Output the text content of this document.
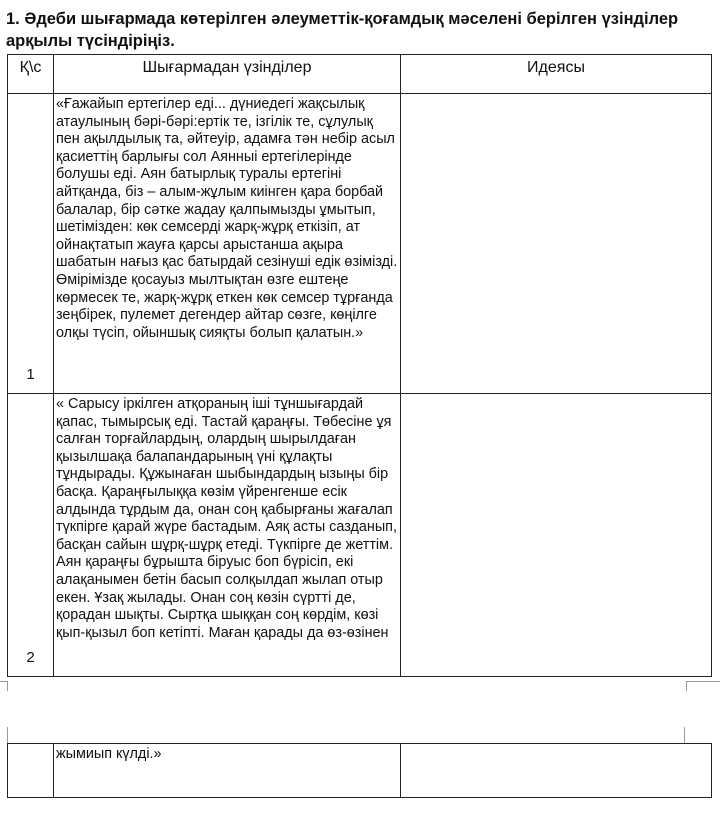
1. Әдеби шығармада көтерілген әлеуметтік-қоғамдық мәселені берілген үзінділер арқылы түсіндіріңіз.
Қ\с	Шығармадан үзінділер	Идеясы
1	«Ғажайып ертегілер еді... дүниедегі жақсылық атаулының бәрі-бәрі:ертік те, ізгілік те, сұлулық пен ақылдылық та, әйтеуір, адамға тән небір асыл қасиеттің барлығы сол Аянныі ертегілерінде болушы еді. Аян батырлық туралы ертегіні айтқанда, біз – алым-жұлым киінген қара борбай балалар, бір сәтке жадау қалпымызды ұмытып, шетімізден: көк семсерді жарқ-жұрқ еткізіп, ат ойнақтатып жауға қарсы арыстанша ақыра шабатын нағыз қас батырдай сезінуші едік өзімізді. Өмірімізде қосауыз мылтықтан өзге ештеңе көрмесек те, жарқ-жұрқ еткен көк семсер тұрғанда зеңбірек, пулемет дегендер айтар сөзге, көңілге олқы түсіп, ойыншық сияқты болып қалатын.»	
2	« Сарысу іркілген атқораның іші тұншығардай қапас, тымырсық еді. Тастай қараңғы. Төбесіне ұя салған торғайлардың, олардың шырылдаған қызылшақа балапандарының үні құлақты тұндырады. Құжынаған шыбындардың ызыңы бір басқа. Қараңғылыққа көзім үйренгенше есік алдында тұрдым да, онан соң қабырғаны жағалап түкпірге қарай жүре бастадым. Аяқ асты сазданып, басқан сайын шұрқ-шұрқ етеді. Түкпірге де жеттім. Аян қараңғы бұрышта біруыс боп бүрісіп, екі алақанымен бетін басып солқылдап жылап отыр екен. Ұзақ жылады. Онан соң көзін сүртті де, қорадан шықты. Сыртқа шыққан соң көрдім, көзі қып-қызыл боп кетіпті. Маған қарады да өз-өзінен	
	жымиып күлді.»	
